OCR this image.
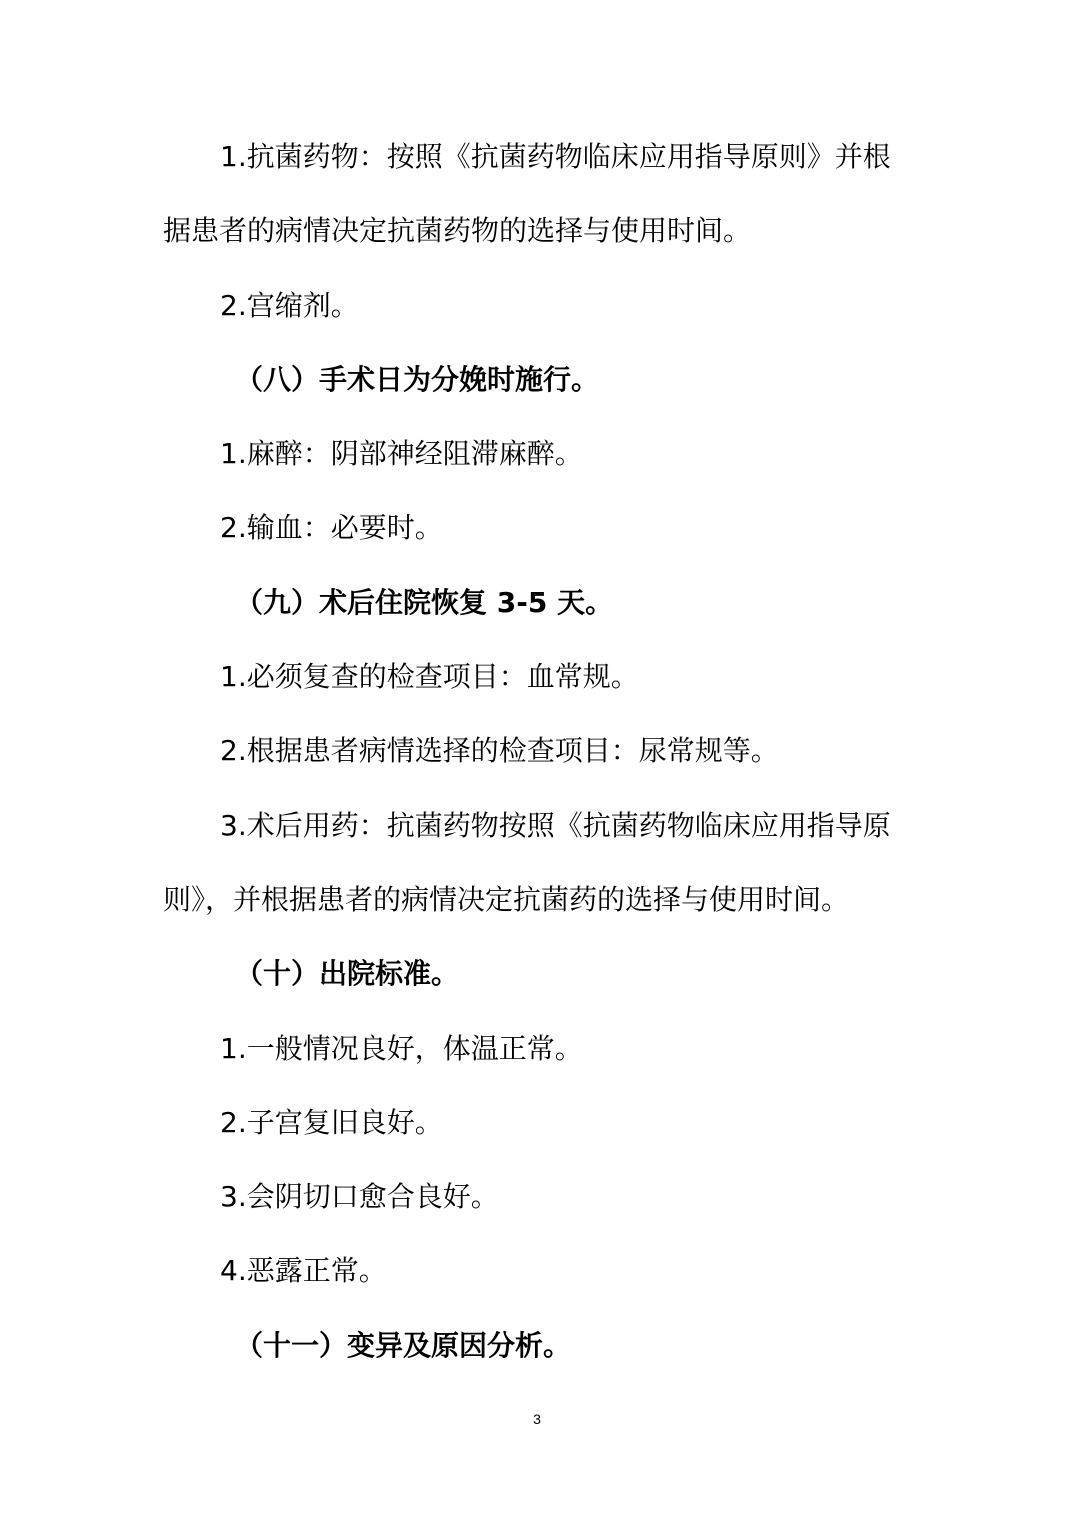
1.抗菌药物：按照《抗菌药物临床应用指导原则》并根
据患者的病情决定抗菌药物的选择与使用时间。
2.宫缩剂。
（八）手术日为分娩时施行。
1.麻醉：阴部神经阻滞麻醉。
2.输血：必要时。
（九）术后住院恢复 3-5 天。
1.必须复查的检查项目：血常规。
2.根据患者病情选择的检查项目：尿常规等。
3.术后用药：抗菌药物按照《抗菌药物临床应用指导原
则》，并根据患者的病情决定抗菌药的选择与使用时间。
（十）出院标准。
1.一般情况良好，体温正常。
2.子宫复旧良好。
3.会阴切口愈合良好。
4.恶露正常。
（十一）变异及原因分析。
3
